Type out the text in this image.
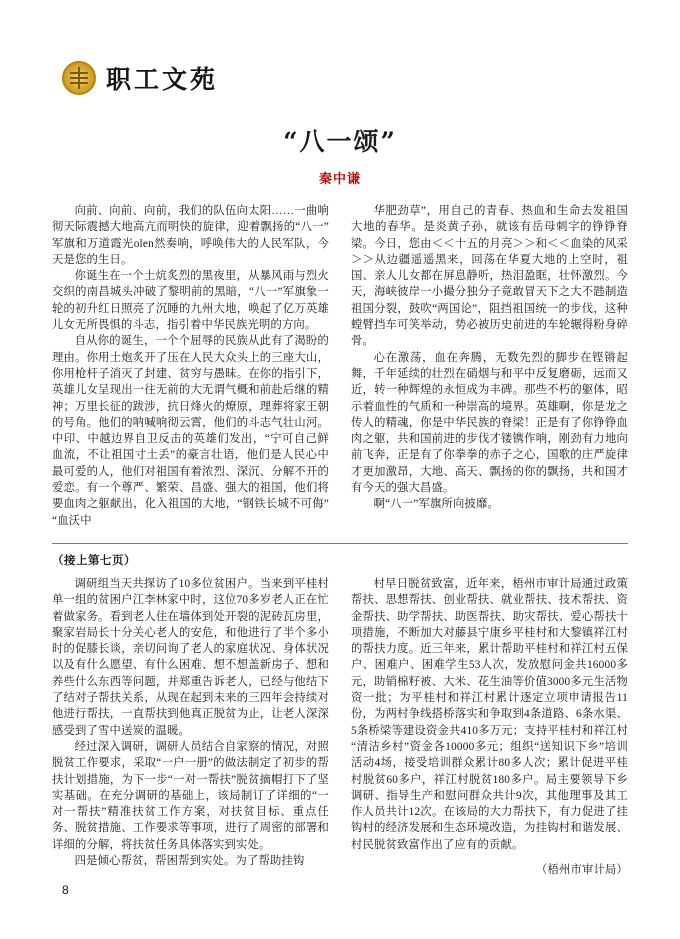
职工文苑
“八一颂”
秦中谦

向前、向前、向前，我们的队伍向太阳……一曲响彻天际震撼大地高亢而明快的旋律，迎着飘扬的“八一”军旗和万道霞光olen然奏响，呼唤伟大的人民军队，今天是您的生日。

你诞生在一个土炕炙烈的黑夜里，从暴风雨与烈火交织的南昌城头冲破了黎明前的黑暗，“八一”军旗象一轮的初升红日照亮了沉睡的九州大地，唤起了亿万英雄儿女无所畏惧的斗志，指引着中华民族光明的方向。

自从你的诞生，一个个屈辱的民族从此有了渴盼的理由。你用土炮炙开了压在人民大众头上的三座大山，你用枪杆子消灭了封建、贫穷与愚昧。在你的指引下，英雄儿女呈现出一往无前的大无谓气概和前赴后继的精神；万里长征的跋涉，抗日烽火的燎原，理葬将家王朝的号角。他们的呐喊响彻云霄，他们的斗志气壮山河。中印、中越边界自卫反击的英雄们发出，“宁可自己鲜血流，不让祖国寸土丢”的豪言壮语，他们是人民心中最可爱的人，他们对祖国有着浓烈、深沉、分解不开的爱恋。有一个尊严、繁荣、昌盛、强大的祖国，他们将要血肉之躯献出，化入祖国的大地，“钢铁长城不可侮”“血沃中

华肥劲草”，用自己的青春、热血和生命去发祖国大地的春华。是炎黄子孙，就该有岳母刺字的铮铮脊梁。今日，您由＜＜十五的月亮＞＞和＜＜血染的风采＞＞从边疆遥遥黑来，回荡在华夏大地的上空时，祖国、亲人儿女都在屏息静听，热泪盈眶，壮怀激烈。今天，海峡彼岸一小撮分独分子竟敢冒天下之大不韪制造祖国分裂，鼓吹“两国论”，阻挡祖国统一的步伐，这种螳臂挡车可笑举动，势必被历史前进的车轮辗得粉身碎骨。

心在激荡，血在奔腾，无数先烈的脚步在铿锵起舞，千年延续的壮烈在硝烟与和平中反复磨砺，远而又近，转一种辉煌的永恒成为丰碑。那些不朽的躯体，昭示着血性的气质和一种崇高的境界。英雄啊，你是龙之传人的精魂，你是中华民族的脊梁！正是有了你铮铮血肉之躯，共和国前进的步伐才镂镌作响，刚劲有力地向前飞奔，正是有了你拳拳的赤子之心，国歌的庄严旋律才更加激昂，大地、高天、飘扬的你的飘扬，共和国才有今天的强大昌盛。

啊“八一”军旗所向披靡。

（接上第七页）

调研组当天共探访了10多位贫困户。当来到平桂村单一组的贫困户江李林家中时，这位70多岁老人正在忙着做家务。看到老人住在墙体到处开裂的泥砖瓦房里，聚家岩局长十分关心老人的安危，和他进行了半个多小时的促膝长谈，亲切问询了老人的家庭状况、身体状况以及有什么愿望、有什么困难、想不想盖新房子、想和养些什么东西等问题，并郑重告诉老人，已经与他结下了结对子帮扶关系，从现在起到未来的三四年会持续对他进行帮扶，一直帮扶到他真正脱贫为止，让老人深深感受到了雪中送炭的温暖。

经过深入调研，调研人员结合自家察的情况，对照脱贫工作要求，采取“一户一册”的做法制定了初步的帮扶计划措施，为下一步“一对一帮扶”脱贫摘帽打下了坚实基础。在充分调研的基础上，该局制订了详细的“一对一帮扶”精准扶贫工作方案，对扶贫目标、重点任务、脱贫措施、工作要求等事项，进行了周密的部署和详细的分解，将扶贫任务具体落实到实处。

四是倾心帮贫，帮困帮到实处。为了帮助挂钩

村早日脱贫致富，近年来，梧州市审计局通过政策帮扶、思想帮扶、创业帮扶、就业帮扶、技术帮扶、资金帮扶、助学帮扶、助医帮扶、助灾帮扶、爱心帮扶十项措施，不断加大对藤县宁康乡平桂村和大黎镇祥江村的帮扶力度。近三年来，累计帮助平桂村和祥江村五保户、困难户、困难学生53人次，发放慰问金共16000多元，助销棉籽被、大米、花生油等价值3000多元生活物资一批；为平桂村和祥江村累计逐定立项申请报告11份，为两村争线搭桥落实和争取到4条道路、6条水渠、5条桥梁等建设资金共410多万元；支持平桂村和祥江村“清洁乡村”资金各10000多元；组织“送知识下乡”培训活动4场，接受培训群众累计80多人次；累计促进平桂村脱贫60多户，祥江村脱贫180多户。局主要领导下乡调研、指导生产和慰问群众共计9次，其他理事及其工作人员共计12次。在该局的大力帮扶下，有力促进了挂钩村的经济发展和生态环境改造，为挂钩村和谐发展、村民脱贫致富作出了应有的贡献。

（梧州市审计局）
8
